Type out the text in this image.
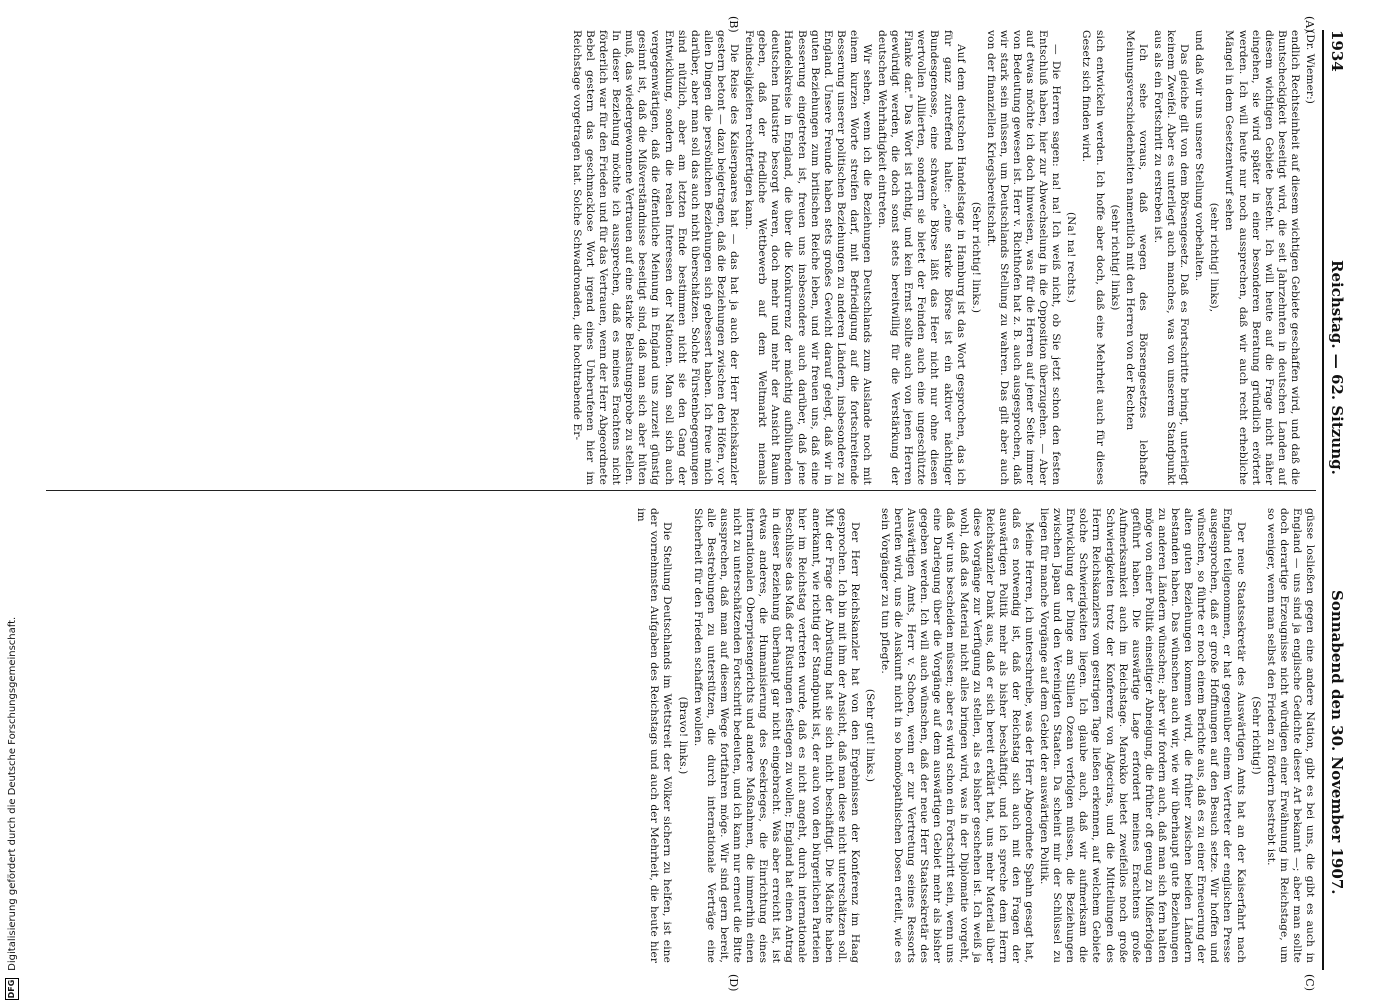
1934
Reichstag. — 62. Sitzung.
Sonnabend den 30. November 1907.
(A)
(B)
(C)
(D)

(Dr. Wiemer:)

endlich Rechtseinheit auf diesem wichtigen Gebiete geschaffen wird, und daß die Buntscheckigkeit beseitigt wird, die seit Jahrzehnten in deutschen Landen auf diesem wichtigen Gebiete besteht. Ich will heute auf die Frage nicht näher eingehen, sie wird später in einer besonderen Beratung gründlich erörtert werden. Ich will heute nur noch aussprechen, daß wir auch recht erhebliche Mängel in dem Gesetzentwurf sehen

(sehr richtig! links),

und daß wir uns unsere Stellung vorbehalten.

Das gleiche gilt von dem Börsengesetz. Daß es Fortschritte bringt, unterliegt keinem Zweifel. Aber es unterliegt auch manches, was von unserem Standpunkt aus als ein Fortschritt zu erstreben ist.

Ich sehe voraus, daß wegen des Börsengesetzes lebhafte Meinungsverschiedenheiten namentlich mit den Herren von der Rechten

(sehr richtig! links)

sich entwickeln werden. Ich hoffe aber doch, daß eine Mehrheit auch für dieses Gesetz sich finden wird.

(Na! na! rechts.)

— Die Herren sagen: na! na! Ich weiß nicht, ob Sie jetzt schon den festen Entschluß haben, hier zur Abwechselung in die Opposition überzugehen. — Aber auf etwas möchte ich doch hinweisen, was für die Herren auf jener Seite immer von Bedeutung gewesen ist. Herr v. Richthofen hat z. B. auch ausgesprochen, daß wir stark sein müssen, um Deutschlands Stellung zu wahren. Das gilt aber auch von der finanziellen Kriegsbereitschaft.

(Sehr richtig! links.)

Auf dem deutschen Handelstage in Hamburg ist das Wort gesprochen, das ich für ganz zutreffend halte: „eine starke Börse ist ein aktiver nächtiger Bundesgenosse, eine schwache Börse läßt das Heer nicht nur ohne diesen wertvollen Alliierten, sondern sie bietet der Feinden auch eine ungeschützte Flanke dar." Das Wort ist richtig, und kein Ernst sollte auch von jenen Herren gewürdigt werden, die doch sonst stets bereitwillig für die Verstärkung der deutschen Wehrhaftigkeit eintreten.

Wir sehen, wenn ich die Beziehungen Deutschlands zum Auslande noch mit einem kurzen Worte streifen darf, mit Befriedigung auf die fortschreitende Besserung unserer politischen Beziehungen zu anderen Ländern, insbesondere zu England. Unsere Freunde haben stets großes Gewicht darauf gelegt, daß wir in guten Beziehungen zum britischen Reiche leben, und wir freuen uns, daß eine Besserung eingetreten ist, freuen uns insbesondere auch darüber, daß jene Handelskreise in England, die über die Konkurrenz der mächtig aufblühenden deutschen Industrie besorgt waren, doch mehr und mehr der Ansicht Raum geben, daß der friedliche Wettbewerb auf dem Weltmarkt niemals Feindseligkeiten rechtfertigen kann.

Die Reise des Kaiserpaares hat — das hat ja auch der Herr Reichskanzler gestern betont — dazu beigetragen, daß die Beziehungen zwischen den Höfen, vor allen Dingen die persönlichen Beziehungen sich gebessert haben. Ich freue mich darüber, aber man soll das auch nicht überschätzen. Solche Fürstenbegegnungen sind nützlich, aber am letzten Ende bestimmen nicht sie den Gang der Entwicklung, sondern die realen Interessen der Nationen. Man soll sich auch vergegenwärtigen, daß die öffentliche Meinung in England uns zurzeit günstig gesinnt ist, daß die Mißverständnisse beseitigt sind, daß man sich aber hüten muß, das wiedergewonnene Vertrauen auf eine starke Belastungsprobe zu stellen. In dieser Beziehung möchte ich aussprechen, daß es meines Erachtens nicht förderlich war für den Frieden und für das Vertrauen, wenn der Herr Abgeordnete Bebel gestern das geschmacklose Wort irgend eines Unberufenen hier im Reichstage vorgetragen hat. Solche Schwadronaden, die hochtrabende Er-

güsse losließen gegen eine andere Nation, gibt es bei uns, die gibt es auch in England — uns sind ja englische Gedichte dieser Art bekannt —; aber man sollte doch derartige Erzeugnisse nicht würdigen einer Erwähnung im Reichstage, um so weniger, wenn man selbst den Frieden zu fördern bestrebt ist.

(Sehr richtig!)

Der neue Staatssekretär des Auswärtigen Amts hat an der Kaiserfahrt nach England teilgenommen, er hat gegenüber einem Vertreter der englischen Presse ausgesprochen, daß er große Hoffnungen auf den Besuch setze. Wir hoffen und wünschen, so führte er noch einem Berichte aus, daß es zu einer Erneuerung der alten guten Beziehungen kommen wird, die früher zwischen beiden Ländern bestanden haben. Das wünschen auch wir, wie wir überhaupt gute Beziehungen zu anderen Ländern wünschen; aber wir fordern auch, daß man sich fern halten möge von einer Politik einseitiger Abneigung, die früher oft genug zu Mißerfolgen geführt haben. Die auswärtige Lage erfordert meines Erachtens große Aufmerksamkeit auch im Reichstage. Marokko bietet zweifellos noch große Schwierigkeiten trotz der Konferenz von Algeciras, und die Mitteilungen des Herrn Reichskanzlers vom gestrigen Tage ließen erkennen, auf welchem Gebiete solche Schwierigkeiten liegen. Ich glaube auch, daß wir aufmerksam die Entwicklung der Dinge am Stillen Ozean verfolgen müssen, die Beziehungen zwischen Japan und den Vereinigten Staaten. Da scheint mir der Schlüssel zu liegen für manche Vorgänge auf dem Gebiet der auswärtigen Politik.

Meine Herren, ich unterschreibe, was der Herr Abgeordnete Spahn gesagt hat, daß es notwendig ist, daß der Reichstag sich auch mit den Fragen der auswärtigen Politik mehr als bisher beschäftigt, und ich spreche dem Herrn Reichskanzler Dank aus, daß er sich bereit erklärt hat, uns mehr Material über diese Vorgänge zur Verfügung zu stellen, als es bisher geschehen ist. Ich weiß ja wohl, daß das Material nicht alles bringen wird, was in der Diplomatie vorgeht, daß wir uns bescheiden müssen; aber es wird schon ein Fortschritt sein, wenn uns eine Darlegung über die Vorgänge auf dem auswärtigen Gebiet mehr als bisher gegeben werden. Ich will auch wünschen, daß der neue Herr Staatssekretär des Auswärtigen Amts, Herr v. Schoen, wenn er zur Vertretung seines Ressorts berufen wird, uns die Auskunft nicht in so homöopathischen Dosen erteilt, wie es sein Vorgänger zu tun pflegte.

(Sehr gut! links.)

Der Herr Reichskanzler hat von den Ergebnissen der Konferenz im Haag gesprochen. Ich bin mit ihm der Ansicht, daß man diese nicht unterschätzen soll. Mit der Frage der Abrüstung hat sie sich nicht beschäftigt. Die Mächte haben anerkannt, wie richtig der Standpunkt ist, der auch von den bürgerlichen Parteien hier im Reichstag vertreten wurde, daß es nicht angeht, durch internationale Beschlüsse das Maß der Rüstungen festlegen zu wollen; England hat einen Antrag in dieser Beziehung überhaupt gar nicht eingebracht. Was aber erreicht ist, ist etwas anderes, die Humanisierung des Seekrieges, die Einrichtung eines internationalen Oberprisengerichts und andere Maßnahmen, die immerhin einen nicht zu unterschätzenden Fortschritt bedeuten, und ich kann nur erneut die Bitte aussprechen, daß man auf diesem Wege fortfahren möge. Wir sind gern bereit, alle Bestrebungen zu unterstützen, die durch internationale Verträge eine Sicherheit für den Frieden schaffen wollen.

(Bravo! links.)

Die Stellung Deutschlands im Wettstreit der Völker sichern zu helfen, ist eine der vornehmsten Aufgaben des Reichstags und auch der Mehrheit, die heute hier im

DFG Digitalisierung gefördert durch die Deutsche Forschungsgemeinschaft.
